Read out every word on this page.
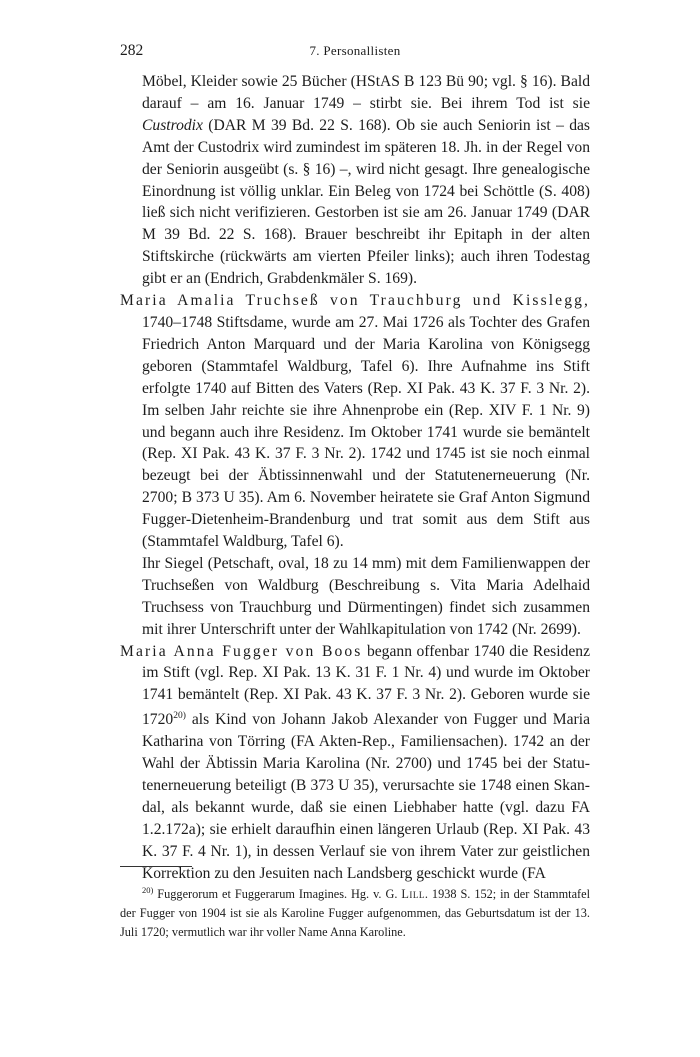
282	7. Personallisten

Möbel, Kleider sowie 25 Bücher (HStAS B 123 Bü 90; vgl. § 16). Bald darauf – am 16. Januar 1749 – stirbt sie. Bei ihrem Tod ist sie Custrodix (DAR M 39 Bd. 22 S. 168). Ob sie auch Seniorin ist – das Amt der Custodrix wird zumindest im späteren 18. Jh. in der Regel von der Seniorin ausgeübt (s. § 16) –, wird nicht gesagt. Ihre genealogische Einordnung ist völlig unklar. Ein Beleg von 1724 bei Schöttle (S. 408) ließ sich nicht verifizieren. Gestorben ist sie am 26. Januar 1749 (DAR M 39 Bd. 22 S. 168). Brauer beschreibt ihr Epitaph in der alten Stiftskirche (rückwärts am vierten Pfeiler links); auch ihren Todestag gibt er an (Endrich, Grabdenkmäler S. 169).

Maria Amalia Truchseß von Trauchburg und Kisslegg, 1740–1748 Stiftsdame, wurde am 27. Mai 1726 als Tochter des Grafen Friedrich Anton Marquard und der Maria Karolina von Königsegg geboren (Stammtafel Waldburg, Tafel 6). Ihre Aufnahme ins Stift erfolgte 1740 auf Bitten des Vaters (Rep. XI Pak. 43 K. 37 F. 3 Nr. 2). Im selben Jahr reichte sie ihre Ahnenprobe ein (Rep. XIV F. 1 Nr. 9) und begann auch ihre Residenz. Im Oktober 1741 wurde sie bemäntelt (Rep. XI Pak. 43 K. 37 F. 3 Nr. 2). 1742 und 1745 ist sie noch einmal bezeugt bei der Äbtissinnenwahl und der Statutenerneuerung (Nr. 2700; B 373 U 35). Am 6. November heiratete sie Graf Anton Sigmund Fugger-Dietenheim-Brandenburg und trat somit aus dem Stift aus (Stammtafel Waldburg, Tafel 6).

Ihr Siegel (Petschaft, oval, 18 zu 14 mm) mit dem Familienwappen der Truchseßen von Waldburg (Beschreibung s. Vita Maria Adelhaid Truchsess von Trauchburg und Dürmentingen) findet sich zusammen mit ihrer Unterschrift unter der Wahlkapitulation von 1742 (Nr. 2699).

Maria Anna Fugger von Boos begann offenbar 1740 die Residenz im Stift (vgl. Rep. XI Pak. 13 K. 31 F. 1 Nr. 4) und wurde im Oktober 1741 bemäntelt (Rep. XI Pak. 43 K. 37 F. 3 Nr. 2). Geboren wurde sie 1720$^{20)}$ als Kind von Johann Jakob Alexander von Fugger und Maria Katharina von Törring (FA Akten-Rep., Familiensachen). 1742 an der Wahl der Äbtissin Maria Karolina (Nr. 2700) und 1745 bei der Statutenerneuerung beteiligt (B 373 U 35), verursachte sie 1748 einen Skandal, als bekannt wurde, daß sie einen Liebhaber hatte (vgl. dazu FA 1.2.172a); sie erhielt daraufhin einen längeren Urlaub (Rep. XI Pak. 43 K. 37 F. 4 Nr. 1), in dessen Verlauf sie von ihrem Vater zur geistlichen Korrektion zu den Jesuiten nach Landsberg geschickt wurde (FA

$^{20)}$ Fuggerorum et Fuggerarum Imagines. Hg. v. G. Lill. 1938 S. 152; in der Stammtafel der Fugger von 1904 ist sie als Karoline Fugger aufgenommen, das Geburtsdatum ist der 13. Juli 1720; vermutlich war ihr voller Name Anna Karoline.
